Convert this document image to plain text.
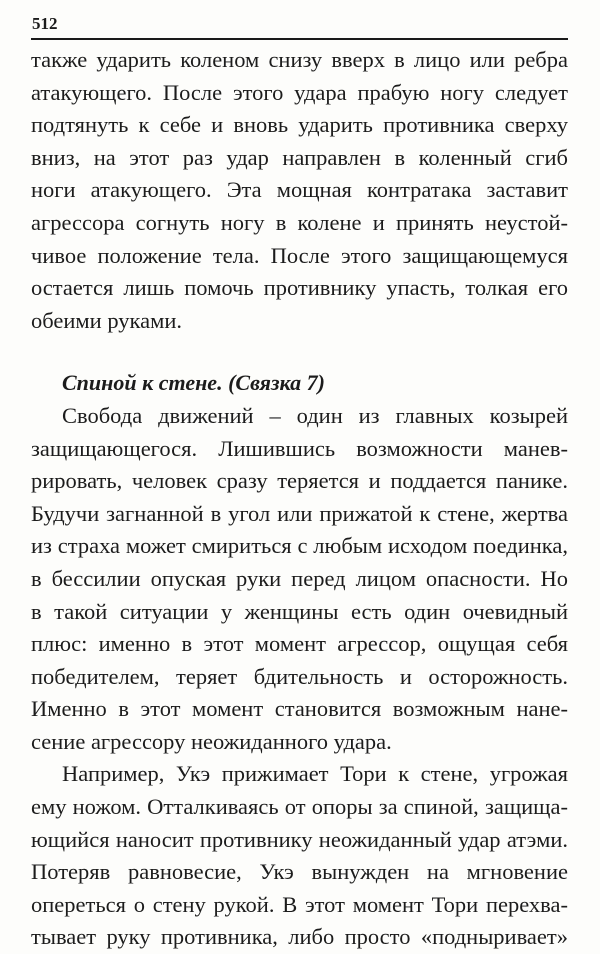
512
также ударить коленом снизу вверх в лицо или ребра
атакующего. После этого удара прабую ногу следует
подтянуть к себе и вновь ударить противника сверху
вниз, на этот раз удар направлен в коленный сгиб
ноги атакующего. Эта мощная контратака заставит
агрессора согнуть ногу в колене и принять неустой-
чивое положение тела. После этого защищающемуся
остается лишь помочь противнику упасть, толкая его
обеими руками.
Спиной к стене. (Связка 7)
Свобода движений – один из главных козырей
защищающегося. Лишившись возможности манев-
рировать, человек сразу теряется и поддается панике.
Будучи загнанной в угол или прижатой к стене, жертва
из страха может смириться с любым исходом поединка,
в бессилии опуская руки перед лицом опасности. Но
в такой ситуации у женщины есть один очевидный
плюс: именно в этот момент агрессор, ощущая себя
победителем, теряет бдительность и осторожность.
Именно в этот момент становится возможным нане-
сение агрессору неожиданного удара.
Например, Укэ прижимает Тори к стене, угрожая
ему ножом. Отталкиваясь от опоры за спиной, защища-
ющийся наносит противнику неожиданный удар атэми.
Потеряв равновесие, Укэ вынужден на мгновение
опереться о стену рукой. В этот момент Тори перехва-
тывает руку противника, либо просто «подныривает»
